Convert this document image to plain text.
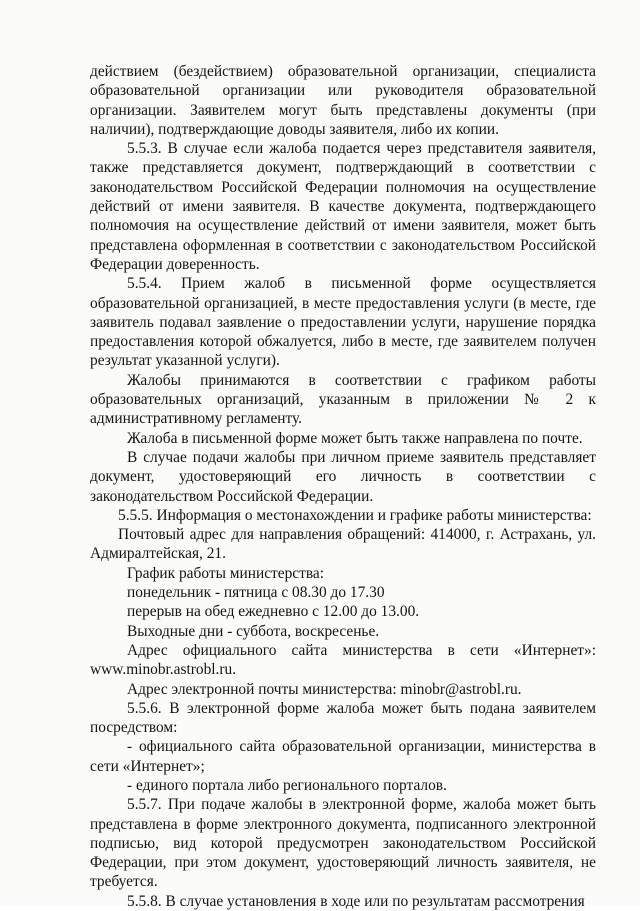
действием (бездействием) образовательной организации, специалиста образовательной организации или руководителя образовательной организации. Заявителем могут быть представлены документы (при наличии), подтверждающие доводы заявителя, либо их копии.

5.5.3. В случае если жалоба подается через представителя заявителя, также представляется документ, подтверждающий в соответствии с законодательством Российской Федерации полномочия на осуществление действий от имени заявителя. В качестве документа, подтверждающего полномочия на осуществление действий от имени заявителя, может быть представлена оформленная в соответствии с законодательством Российской Федерации доверенность.

5.5.4. Прием жалоб в письменной форме осуществляется образовательной организацией, в месте предоставления услуги (в месте, где заявитель подавал заявление о предоставлении услуги, нарушение порядка предоставления которой обжалуется, либо в месте, где заявителем получен результат указанной услуги).

Жалобы принимаются в соответствии с графиком работы образовательных организаций, указанным в приложении № 2 к административному регламенту.

Жалоба в письменной форме может быть также направлена по почте.

В случае подачи жалобы при личном приеме заявитель представляет документ, удостоверяющий его личность в соответствии с законодательством Российской Федерации.

5.5.5. Информация о местонахождении и графике работы министерства:

Почтовый адрес для направления обращений: 414000, г. Астрахань, ул. Адмиралтейская, 21.

График работы министерства:

понедельник - пятница с 08.30 до 17.30

перерыв на обед ежедневно с 12.00 до 13.00.

Выходные дни - суббота, воскресенье.

Адрес официального сайта министерства в сети «Интернет»: www.minobr.astrobl.ru.

Адрес электронной почты министерства: minobr@astrobl.ru.

5.5.6. В электронной форме жалоба может быть подана заявителем посредством:

- официального сайта образовательной организации, министерства в сети «Интернет»;

- единого портала либо регионального порталов.

5.5.7. При подаче жалобы в электронной форме, жалоба может быть представлена в форме электронного документа, подписанного электронной подписью, вид которой предусмотрен законодательством Российской Федерации, при этом документ, удостоверяющий личность заявителя, не требуется.

5.5.8. В случае установления в ходе или по результатам рассмотрения
